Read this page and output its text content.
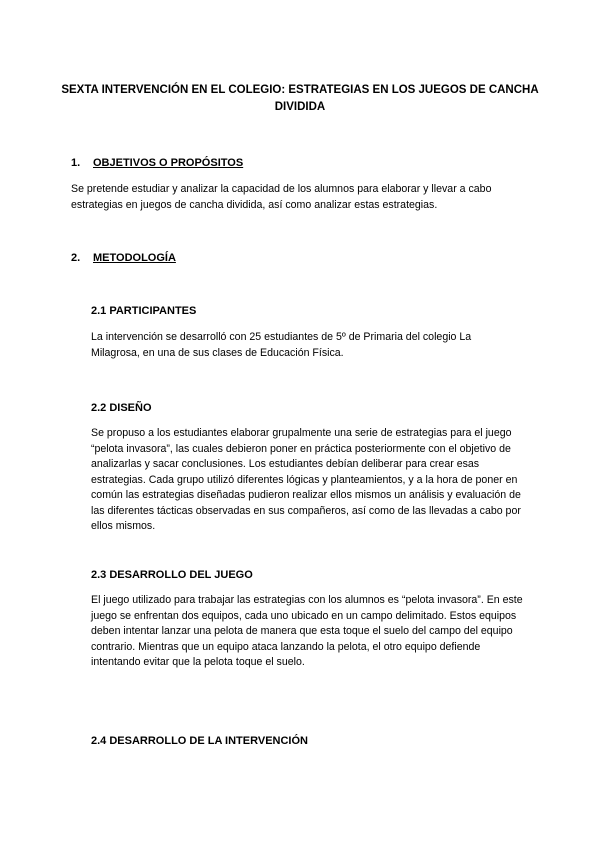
SEXTA INTERVENCIÓN EN EL COLEGIO: ESTRATEGIAS EN LOS JUEGOS DE CANCHA DIVIDIDA
1. OBJETIVOS O PROPÓSITOS

Se pretende estudiar y analizar la capacidad de los alumnos para elaborar y llevar a cabo estrategias en juegos de cancha dividida, así como analizar estas estrategias.

2. METODOLOGÍA
2.1 PARTICIPANTES

La intervención se desarrolló con 25 estudiantes de 5º de Primaria del colegio La Milagrosa, en una de sus clases de Educación Física.

2.2 DISEÑO

Se propuso a los estudiantes elaborar grupalmente una serie de estrategias para el juego “pelota invasora”, las cuales debieron poner en práctica posteriormente con el objetivo de analizarlas y sacar conclusiones. Los estudiantes debían deliberar para crear esas estrategias. Cada grupo utilizó diferentes lógicas y planteamientos, y a la hora de poner en común las estrategias diseñadas pudieron realizar ellos mismos un análisis y evaluación de las diferentes tácticas observadas en sus compañeros, así como de las llevadas a cabo por ellos mismos.

2.3 DESARROLLO DEL JUEGO

El juego utilizado para trabajar las estrategias con los alumnos es “pelota invasora”. En este juego se enfrentan dos equipos, cada uno ubicado en un campo delimitado. Estos equipos deben intentar lanzar una pelota de manera que esta toque el suelo del campo del equipo contrario. Mientras que un equipo ataca lanzando la pelota, el otro equipo defiende intentando evitar que la pelota toque el suelo.

2.4 DESARROLLO DE LA INTERVENCIÓN
